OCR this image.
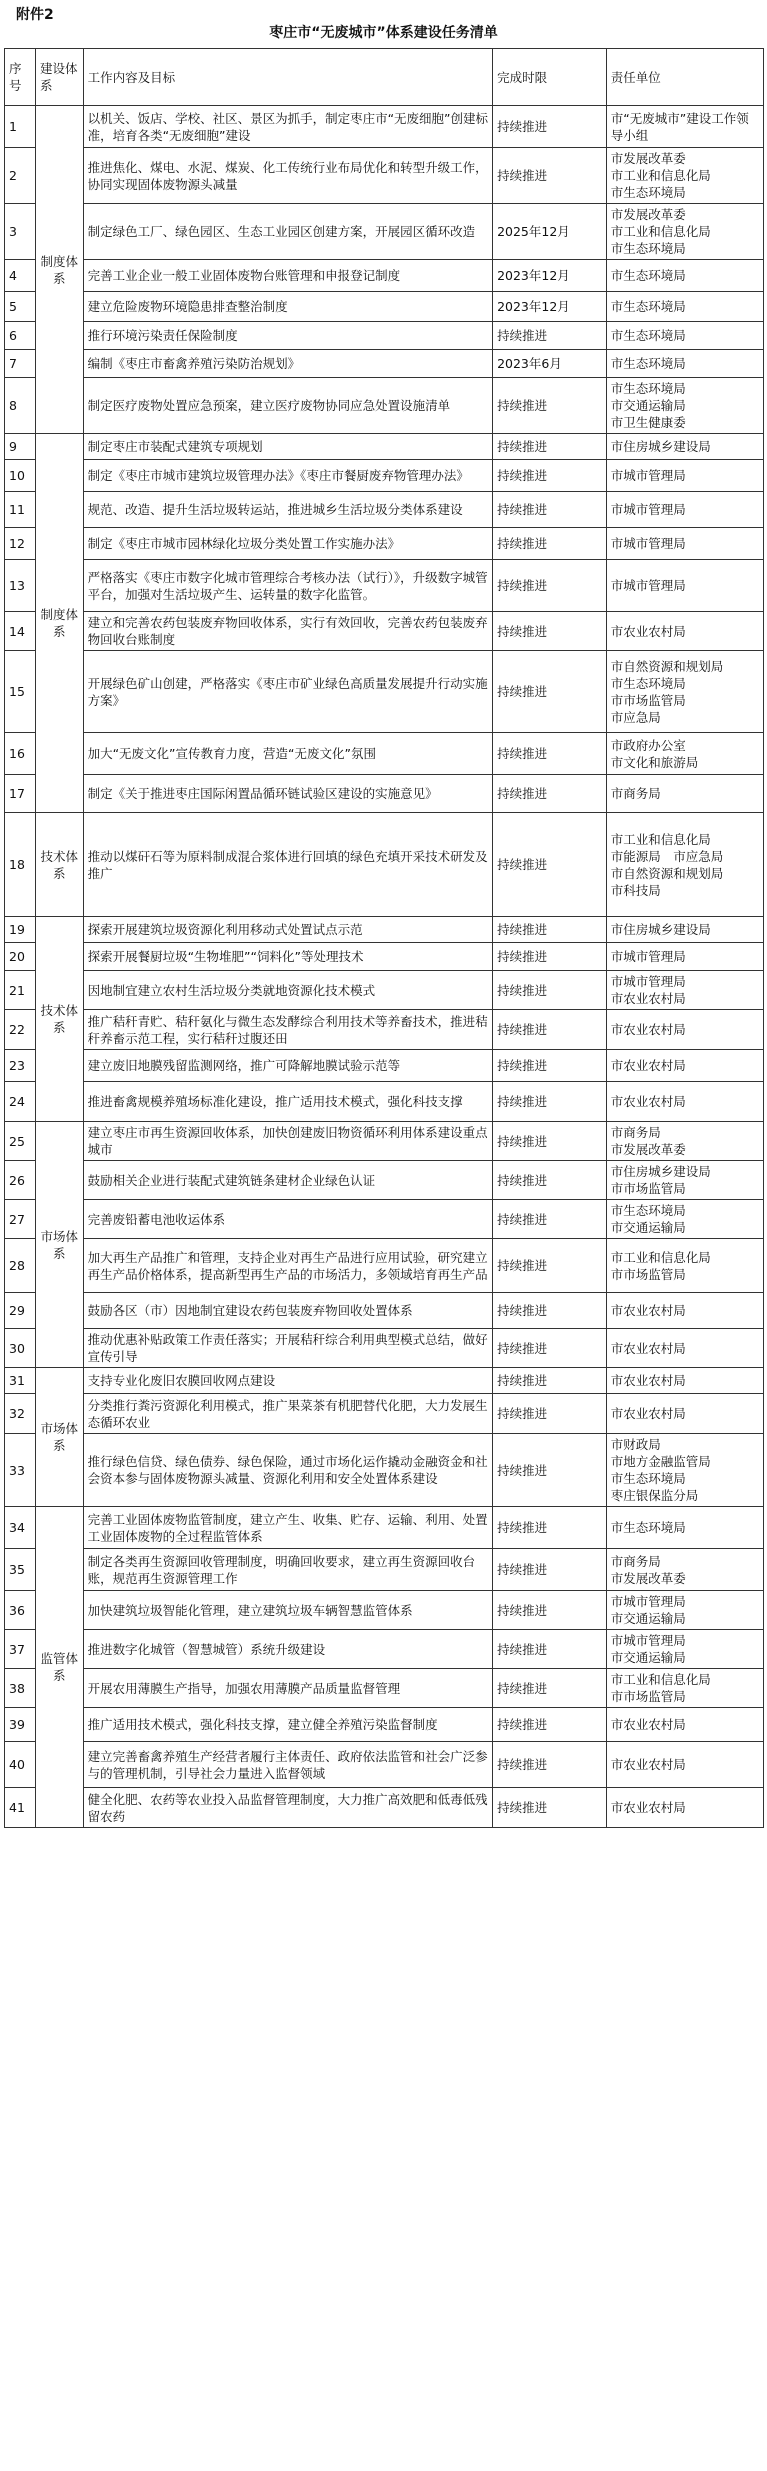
附件2
枣庄市“无废城市”体系建设任务清单
序号	建设体系	工作内容及目标	完成时限	责任单位
1	制度体系	以机关、饭店、学校、社区、景区为抓手，制定枣庄市“无废细胞”创建标准，培育各类“无废细胞”建设	持续推进	市“无废城市”建设工作领导小组
2		推进焦化、煤电、水泥、煤炭、化工传统行业布局优化和转型升级工作，协同实现固体废物源头减量	持续推进	市发展改革委
市工业和信息化局
市生态环境局
3		制定绿色工厂、绿色园区、生态工业园区创建方案，开展园区循环改造	2025年12月	市发展改革委
市工业和信息化局
市生态环境局
4		完善工业企业一般工业固体废物台账管理和申报登记制度	2023年12月	市生态环境局
5		建立危险废物环境隐患排查整治制度	2023年12月	市生态环境局
6		推行环境污染责任保险制度	持续推进	市生态环境局
7		编制《枣庄市畜禽养殖污染防治规划》	2023年6月	市生态环境局
8		制定医疗废物处置应急预案，建立医疗废物协同应急处置设施清单	持续推进	市生态环境局
市交通运输局
市卫生健康委
9	制度体系	制定枣庄市装配式建筑专项规划	持续推进	市住房城乡建设局
10		制定《枣庄市城市建筑垃圾管理办法》《枣庄市餐厨废弃物管理办法》	持续推进	市城市管理局
11		规范、改造、提升生活垃圾转运站，推进城乡生活垃圾分类体系建设	持续推进	市城市管理局
12		制定《枣庄市城市园林绿化垃圾分类处置工作实施办法》	持续推进	市城市管理局
13		严格落实《枣庄市数字化城市管理综合考核办法（试行）》，升级数字城管平台，加强对生活垃圾产生、运转量的数字化监管。	持续推进	市城市管理局
14		建立和完善农药包装废弃物回收体系，实行有效回收，完善农药包装废弃物回收台账制度	持续推进	市农业农村局
15		开展绿色矿山创建，严格落实《枣庄市矿业绿色高质量发展提升行动实施方案》	持续推进	市自然资源和规划局
市生态环境局
市市场监管局
市应急局
16		加大“无废文化”宣传教育力度，营造“无废文化”氛围	持续推进	市政府办公室
市文化和旅游局
17		制定《关于推进枣庄国际闲置品循环链试验区建设的实施意见》	持续推进	市商务局
18	技术体系	推动以煤矸石等为原料制成混合浆体进行回填的绿色充填开采技术研发及推广	持续推进	市工业和信息化局
市能源局　市应急局
市自然资源和规划局
市科技局
19	技术体系	探索开展建筑垃圾资源化利用移动式处置试点示范	持续推进	市住房城乡建设局
20		探索开展餐厨垃圾“生物堆肥”“饲料化”等处理技术	持续推进	市城市管理局
21		因地制宜建立农村生活垃圾分类就地资源化技术模式	持续推进	市城市管理局
市农业农村局
22		推广秸秆青贮、秸秆氨化与微生态发酵综合利用技术等养畜技术，推进秸秆养畜示范工程，实行秸秆过腹还田	持续推进	市农业农村局
23		建立废旧地膜残留监测网络，推广可降解地膜试验示范等	持续推进	市农业农村局
24		推进畜禽规模养殖场标准化建设，推广适用技术模式，强化科技支撑	持续推进	市农业农村局
25	市场体系	建立枣庄市再生资源回收体系，加快创建废旧物资循环利用体系建设重点城市	持续推进	市商务局
市发展改革委
26		鼓励相关企业进行装配式建筑链条建材企业绿色认证	持续推进	市住房城乡建设局
市市场监管局
27		完善废铅蓄电池收运体系	持续推进	市生态环境局
市交通运输局
28		加大再生产品推广和管理，支持企业对再生产品进行应用试验，研究建立再生产品价格体系，提高新型再生产品的市场活力，多领域培育再生产品	持续推进	市工业和信息化局
市市场监管局
29		鼓励各区（市）因地制宜建设农药包装废弃物回收处置体系	持续推进	市农业农村局
30		推动优惠补贴政策工作责任落实；开展秸秆综合利用典型模式总结，做好宣传引导	持续推进	市农业农村局
31	市场体系	支持专业化废旧农膜回收网点建设	持续推进	市农业农村局
32		分类推行粪污资源化利用模式，推广果菜茶有机肥替代化肥，大力发展生态循环农业	持续推进	市农业农村局
33		推行绿色信贷、绿色债券、绿色保险，通过市场化运作撬动金融资金和社会资本参与固体废物源头减量、资源化利用和安全处置体系建设	持续推进	市财政局
市地方金融监管局
市生态环境局
枣庄银保监分局
34	监管体系	完善工业固体废物监管制度，建立产生、收集、贮存、运输、利用、处置工业固体废物的全过程监管体系	持续推进	市生态环境局
35		制定各类再生资源回收管理制度，明确回收要求，建立再生资源回收台账，规范再生资源管理工作	持续推进	市商务局
市发展改革委
36		加快建筑垃圾智能化管理，建立建筑垃圾车辆智慧监管体系	持续推进	市城市管理局
市交通运输局
37		推进数字化城管（智慧城管）系统升级建设	持续推进	市城市管理局
市交通运输局
38		开展农用薄膜生产指导，加强农用薄膜产品质量监督管理	持续推进	市工业和信息化局
市市场监管局
39		推广适用技术模式，强化科技支撑，建立健全养殖污染监督制度	持续推进	市农业农村局
40		建立完善畜禽养殖生产经营者履行主体责任、政府依法监管和社会广泛参与的管理机制，引导社会力量进入监督领域	持续推进	市农业农村局
41		健全化肥、农药等农业投入品监督管理制度，大力推广高效肥和低毒低残留农药	持续推进	市农业农村局
